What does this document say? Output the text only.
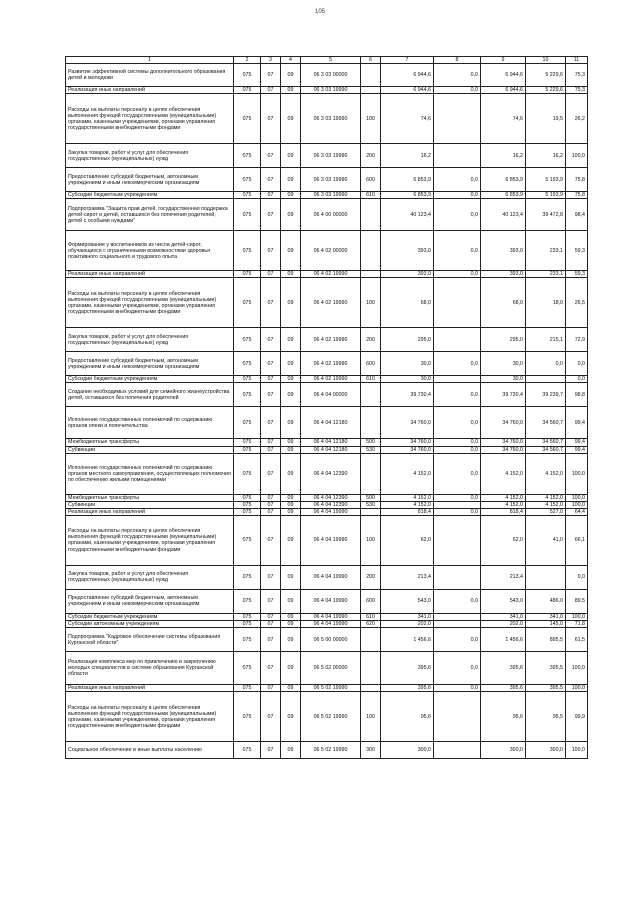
105
1	2	3	4	5	6	7	8	9	10	11
Развитие эффективной системы дополнительного образования детей и молодежи	075	07	09	06 3 03 00000		6 944,6	0,0	6 944,6	5 229,6	75,3
Реализация иных направлений	075	07	09	06 3 03 19990		6 944,6	0,0	6 944,6	5 229,6	75,3
Расходы на выплаты персоналу в целях обеспечения выполнения функций государственными (муниципальными) органами, казенными учреждениями, органами управления государственными внебюджетными фондами	075	07	09	06 3 03 19990	100	74,6		74,6	19,5	26,2
Закупка товаров, работ и услуг для обеспечения государственных (муниципальных) нужд	075	07	09	06 3 03 19990	200	16,2		16,2	16,2	100,0
Предоставление субсидий бюджетным, автономным учреждениям и иным некоммерческим организациям	075	07	09	06 3 03 19990	600	6 853,9	0,0	6 853,9	5 193,9	75,8
Субсидии бюджетным учреждениям	075	07	09	06 3 03 19990	610	6 853,9	0,0	6 853,9	5 193,9	75,8
Подпрограмма "Защита прав детей, государственная поддержка детей-сирот и детей, оставшихся без попечения родителей, детей с особыми нуждами"	075	07	09	06 4 00 00000		40 123,4	0,0	40 123,4	39 472,8	98,4
Формирование у воспитанников из числа детей-сирот, обучающихся с ограниченными возможностями здоровья позитивного социального и трудового опыта	075	07	09	06 4 02 00000		393,0	0,0	393,0	233,1	59,3
Реализация иных направлений	075	07	09	06 4 02 19990		393,0	0,0	393,0	233,1	59,3
Расходы на выплаты персоналу в целях обеспечения выполнения функций государственными (муниципальными) органами, казенными учреждениями, органами управления государственными внебюджетными фондами	075	07	09	06 4 02 19990	100	68,0		68,0	18,0	26,5
Закупка товаров, работ и услуг для обеспечения государственных (муниципальных) нужд	075	07	09	06 4 02 19990	200	295,0		295,0	215,1	72,9
Предоставление субсидий бюджетным, автономным учреждениям и иным некоммерческим организациям	075	07	09	06 4 02 19990	600	30,0	0,0	30,0	0,0	0,0
Субсидии бюджетным учреждениям	075	07	09	06 4 02 19990	610	30,0		30,0		0,0
Создание необходимых условий для семейного жизнеустройства детей, оставшихся без попечения родителей	075	07	09	06 4 04 00000		39 730,4	0,0	39 730,4	39 239,7	98,8
Исполнение государственных полномочий по содержанию органов опеки и попечительства	075	07	09	06 4 04 12180		34 760,0	0,0	34 760,0	34 560,7	99,4
Межбюджетные трансферты	075	07	09	06 4 04 12180	500	34 760,0	0,0	34 760,0	34 560,7	99,4
Субвенции	075	07	09	06 4 04 12180	530	34 760,0	0,0	34 760,0	34 560,7	99,4
Исполнение государственных полномочий по содержанию органов местного самоуправления, осуществляющих полномочия по обеспечению жилыми помещениями	075	07	09	06 4 04 12390		4 152,0	0,0	4 152,0	4 152,0	100,0
Межбюджетные трансферты	075	07	09	06 4 04 12390	500	4 152,0	0,0	4 152,0	4 152,0	100,0
Субвенции	075	07	09	06 4 04 12390	530	4 152,0		4 152,0	4 152,0	100,0
Реализация иных направлений	075	07	09	06 4 04 19990		818,4	0,0	818,4	527,0	64,4
Расходы на выплаты персоналу в целях обеспечения выполнения функций государственными (муниципальными) органами, казенными учреждениями, органами управления государственными внебюджетными фондами	075	07	09	06 4 04 19990	100	62,0		62,0	41,0	66,1
Закупка товаров, работ и услуг для обеспечения государственных (муниципальных) нужд	075	07	09	06 4 04 19990	200	213,4		213,4		0,0
Предоставление субсидий бюджетным, автономным учреждениям и иным некоммерческим организациям	075	07	09	06 4 04 19990	600	543,0	0,0	543,0	486,0	89,5
Субсидии бюджетным учреждениям	075	07	09	06 4 04 19990	610	341,0		341,0	341,0	100,0
Субсидии автономным учреждениям	075	07	09	06 4 04 19990	620	202,0		202,0	145,0	71,8
Подпрограмма "Кадровое обеспечение системы образования Курганской области"	075	07	09	06 5 00 00000		1 456,6	0,0	1 456,6	895,5	61,5
Реализация комплекса мер по привлечению и закреплению молодых специалистов в системе образования Курганской области	075	07	09	06 5 02 00000		395,6	0,0	395,6	395,5	100,0
Реализация иных направлений	075	07	09	06 5 02 19990		395,6	0,0	395,6	395,5	100,0
Расходы на выплаты персоналу в целях обеспечения выполнения функций государственными (муниципальными) органами, казенными учреждениями, органами управления государственными внебюджетными фондами	075	07	09	06 5 02 19990	100	95,6		95,6	95,5	99,9
Социальное обеспечение и иные выплаты населению	075	07	09	06 5 02 19990	300	300,0		300,0	300,0	100,0
